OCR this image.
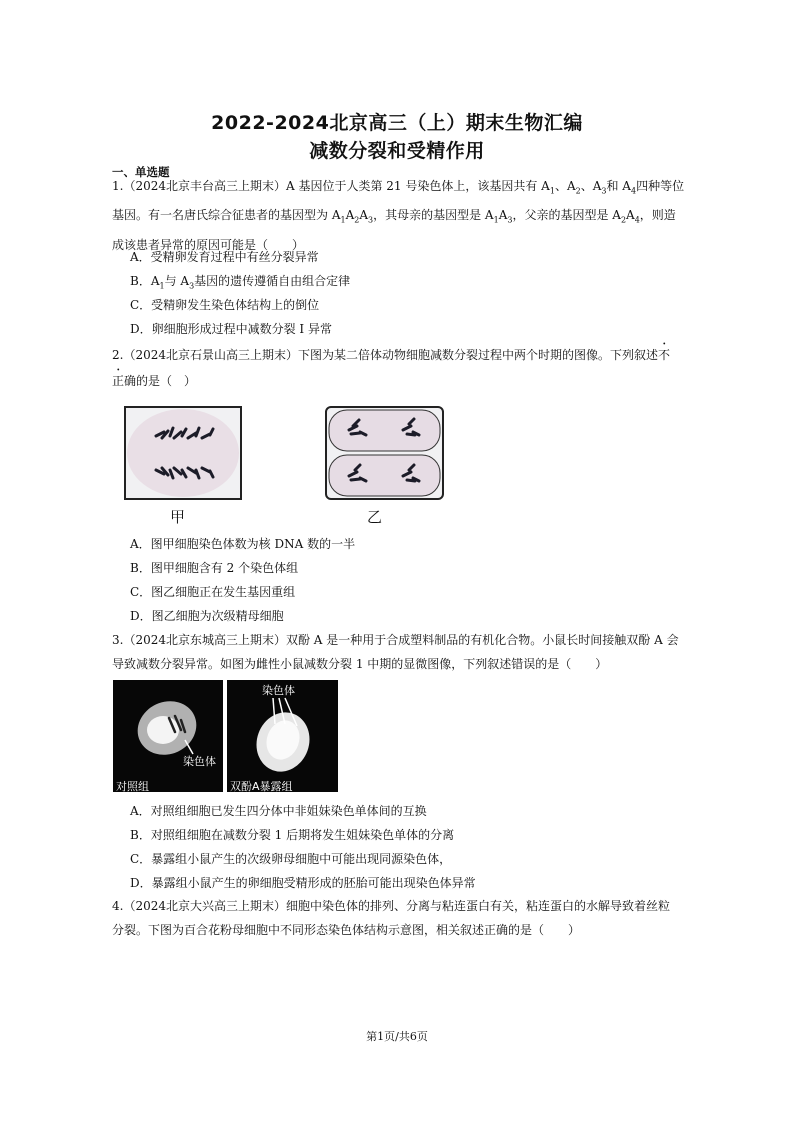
2022-2024北京高三（上）期末生物汇编
减数分裂和受精作用
一、单选题
1.（2024北京丰台高三上期末）A 基因位于人类第 21 号染色体上，该基因共有 $A_1$、$A_2$、$A_3$和 $A_4$四种等位
基因。有一名唐氏综合征患者的基因型为 $A_1A_2A_3$，其母亲的基因型是 $A_1A_3$，父亲的基因型是 $A_2A_4$，则造
成该患者异常的原因可能是（　　）
A．受精卵发育过程中有丝分裂异常
B．$A_1$与 $A_3$基因的遗传遵循自由组合定律
C．受精卵发生染色体结构上的倒位
D．卵细胞形成过程中减数分裂 I 异常
2.（2024北京石景山高三上期末）下图为某二倍体动物细胞减数分裂过程中两个时期的图像。下列叙述不
正确的是（　）
甲	乙
A．图甲细胞染色体数为核 DNA 数的一半
B．图甲细胞含有 2 个染色体组
C．图乙细胞正在发生基因重组
D．图乙细胞为次级精母细胞
3.（2024北京东城高三上期末）双酚 A 是一种用于合成塑料制品的有机化合物。小鼠长时间接触双酚 A 会
导致减数分裂异常。如图为雌性小鼠减数分裂 1 中期的显微图像，下列叙述错误的是（　　）
染色体
对照组
染色体
双酚A暴露组
A．对照组细胞已发生四分体中非姐妹染色单体间的互换
B．对照组细胞在减数分裂 1 后期将发生姐妹染色单体的分离
C．暴露组小鼠产生的次级卵母细胞中可能出现同源染色体，
D．暴露组小鼠产生的卵细胞受精形成的胚胎可能出现染色体异常
4.（2024北京大兴高三上期末）细胞中染色体的排列、分离与粘连蛋白有关，粘连蛋白的水解导致着丝粒
分裂。下图为百合花粉母细胞中不同形态染色体结构示意图，相关叙述正确的是（　　）
第1页/共6页
